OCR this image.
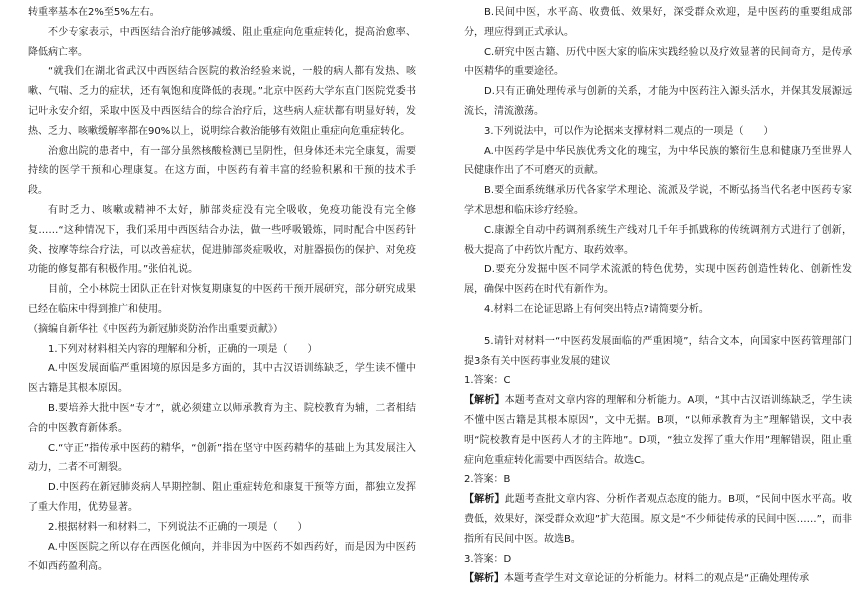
转重率基本在2%至5%左右。

不少专家表示，中西医结合治疗能够减缓、阻止重症向危重症转化，提高治愈率、降低病亡率。

“就我们在湖北省武汉中西医结合医院的救治经验来说，一般的病人都有发热、咳嗽、气喘、乏力的症状，还有氧饱和度降低的表现。”北京中医药大学东直门医院党委书记叶永安介绍，采取中医及中西医结合的综合治疗后，这些病人症状都有明显好转，发热、乏力、咳嗽缓解率都在90%以上，说明综合救治能够有效阻止重症向危重症转化。

治愈出院的患者中，有一部分虽然核酸检测已呈阴性，但身体还未完全康复，需要持续的医学干预和心理康复。在这方面，中医药有着丰富的经验积累和干预的技术手段。

有时乏力、咳嗽或精神不太好，肺部炎症没有完全吸收，免疫功能没有完全修复……“这种情况下，我们采用中西医结合办法，做一些呼吸锻炼，同时配合中医药针灸、按摩等综合疗法，可以改善症状，促进肺部炎症吸收，对脏器损伤的保护、对免疫功能的修复都有积极作用。”张伯礼说。

目前，仝小林院士团队正在针对恢复期康复的中医药干预开展研究，部分研究成果已经在临床中得到推广和使用。

（摘编自新华社《中医药为新冠肺炎防治作出重要贡献》）

1.下列对材料相关内容的理解和分析，正确的一项是（　　）

A.中医发展面临严重困境的原因是多方面的，其中古汉语训练缺乏，学生读不懂中医古籍是其根本原因。

B.要培养大批中医“专才”，就必须建立以师承教育为主、院校教育为辅，二者相结合的中医教育新体系。

C.“守正”指传承中医药的精华，“创新”指在坚守中医药精华的基础上为其发展注入动力，二者不可割裂。

D.中医药在新冠肺炎病人早期控制、阻止重症转危和康复干预等方面，都独立发挥了重大作用，优势显著。

2.根据材料一和材料二，下列说法不正确的一项是（　　）

A.中医医院之所以存在西医化倾向，并非因为中医药不如西药好，而是因为中医药不如西药盈利高。

B.民间中医，水平高、收费低、效果好，深受群众欢迎，是中医药的重要组成部分，理应得到正式承认。

C.研究中医古籍、历代中医大家的临床实践经验以及疗效显著的民间奇方，是传承中医精华的重要途径。

D.只有正确处理传承与创新的关系，才能为中医药注入源头活水，并保其发展源远流长，清流激荡。

3.下列说法中，可以作为论据来支撑材料二观点的一项是（　　）

A.中医药学是中华民族优秀文化的瑰宝，为中华民族的繁衍生息和健康乃至世界人民健康作出了不可磨灭的贡献。

B.要全面系统继承历代各家学术理论、流派及学说，不断弘扬当代名老中医药专家学术思想和临床诊疗经验。

C.康源全自动中药调剂系统生产线对几千年手抓戥称的传统调剂方式进行了创新，极大提高了中药饮片配方、取药效率。

D.要充分发掘中医不同学术流派的特色优势，实现中医药创造性转化、创新性发展，确保中医药在时代有新作为。

4.材料二在论证思路上有何突出特点?请简要分析。

5.请针对材料一“中医药发展面临的严重困境”，结合文本，向国家中医药管理部门提3条有关中医药事业发展的建议

1.答案：C

【解析】本题考查对文章内容的理解和分析能力。A项，“其中古汉语训练缺乏，学生读不懂中医古籍是其根本原因”，文中无据。B项，“以师承教育为主”理解错误，文中表明“院校教育是中医药人才的主阵地”。D项，“独立发挥了重大作用”理解错误，阻止重症向危重症转化需要中西医结合。故选C。

2.答案：B

【解析】此题考查批文章内容、分析作者观点态度的能力。B项，“民间中医水平高。收费低，效果好，深受群众欢迎”扩大范围。原文是“不少师徒传承的民间中医……”，而非指所有民间中医。故选B。

3.答案：D

【解析】本题考查学生对文章论证的分析能力。材料二的观点是“正确处理传承
